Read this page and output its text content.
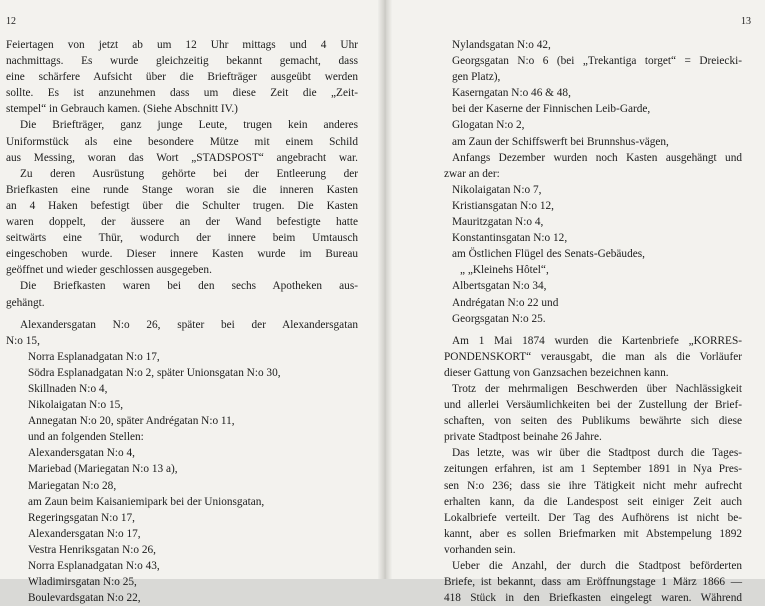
12
Feiertagen von jetzt ab um 12 Uhr mittags und 4 Uhr
nachmittags. Es wurde gleichzeitig bekannt gemacht, dass
eine schärfere Aufsicht über die Briefträger ausgeübt werden
sollte. Es ist anzunehmen dass um diese Zeit die „Zeit-
stempel“ in Gebrauch kamen. (Siehe Abschnitt IV.)
Die Briefträger, ganz junge Leute, trugen kein anderes
Uniformstück als eine besondere Mütze mit einem Schild
aus Messing, woran das Wort „STADSPOST“ angebracht war.
Zu deren Ausrüstung gehörte bei der Entleerung der
Briefkasten eine runde Stange woran sie die inneren Kasten
an 4 Haken befestigt über die Schulter trugen. Die Kasten
waren doppelt, der äussere an der Wand befestigte hatte
seitwärts eine Thür, wodurch der innere beim Umtausch
eingeschoben wurde. Dieser innere Kasten wurde im Bureau
geöffnet und wieder geschlossen ausgegeben.
Die Briefkasten waren bei den sechs Apotheken aus-
gehängt.
Alexandersgatan N:o 26, später bei der Alexandersgatan
N:o 15,
Norra Esplanadgatan N:o 17,
Södra Esplanadgatan N:o 2, später Unionsgatan N:o 30,
Skillnaden N:o 4,
Nikolaigatan N:o 15,
Annegatan N:o 20, später Andrégatan N:o 11,
und an folgenden Stellen:
Alexandersgatan N:o 4,
Mariebad (Mariegatan N:o 13 a),
Mariegatan N:o 28,
am Zaun beim Kaisaniemipark bei der Unionsgatan,
Regeringsgatan N:o 17,
Alexandersgatan N:o 17,
Vestra Henriksgatan N:o 26,
Norra Esplanadgatan N:o 43,
Wladimirsgatan N:o 25,
Boulevardsgatan N:o 22,
13
Nylandsgatan N:o 42,
Georgsgatan N:o 6 (bei „Trekantiga torget“ = Dreiecki-
gen Platz),
Kaserngatan N:o 46 & 48,
bei der Kaserne der Finnischen Leib-Garde,
Glogatan N:o 2,
am Zaun der Schiffswerft bei Brunnshus-vägen,
Anfangs Dezember wurden noch Kasten ausgehängt und
zwar an der:
Nikolaigatan N:o 7,
Kristiansgatan N:o 12,
Mauritzgatan N:o 4,
Konstantinsgatan N:o 12,
am Östlichen Flügel des Senats-Gebäudes,
„ „Kleinehs Hôtel“,
Albertsgatan N:o 34,
Andrégatan N:o 22 und
Georgsgatan N:o 25.
Am 1 Mai 1874 wurden die Kartenbriefe „KORRES-
PONDENSKORT“ verausgabt, die man als die Vorläufer
dieser Gattung von Ganzsachen bezeichnen kann.
Trotz der mehrmaligen Beschwerden über Nachlässigkeit
und allerlei Versäumlichkeiten bei der Zustellung der Brief-
schaften, von seiten des Publikums bewährte sich diese
private Stadtpost beinahe 26 Jahre.
Das letzte, was wir über die Stadtpost durch die Tages-
zeitungen erfahren, ist am 1 September 1891 in Nya Pres-
sen N:o 236; dass sie ihre Tätigkeit nicht mehr aufrecht
erhalten kann, da die Landespost seit einiger Zeit auch
Lokalbriefe verteilt. Der Tag des Aufhörens ist nicht be-
kannt, aber es sollen Briefmarken mit Abstempelung 1892
vorhanden sein.
Ueber die Anzahl, der durch die Stadtpost beförderten
Briefe, ist bekannt, dass am Eröffnungstage 1 März 1866 —
418 Stück in den Briefkasten eingelegt waren. Während
